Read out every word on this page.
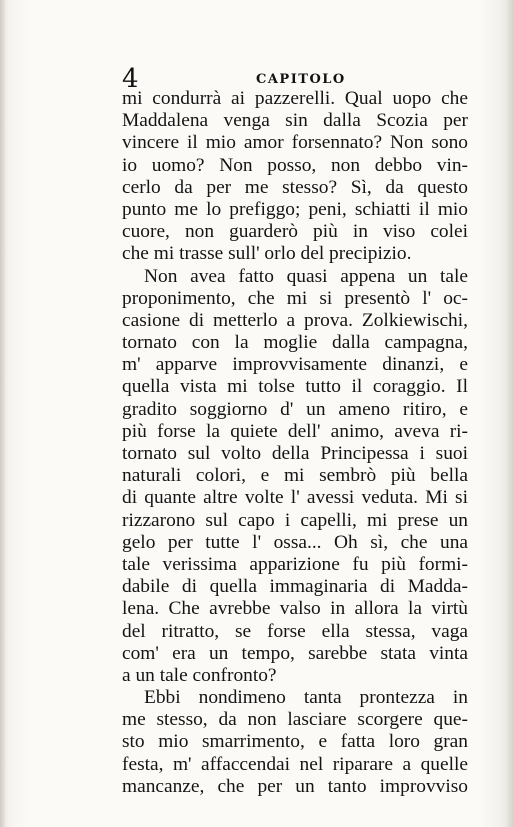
4	CAPITOLO
mi condurrà ai pazzerelli. Qual uopo che
Maddalena venga sin dalla Scozia per
vincere il mio amor forsennato? Non sono
io uomo? Non posso, non debbo vin-
cerlo da per me stesso? Sì, da questo
punto me lo prefiggo; peni, schiatti il mio
cuore, non guarderò più in viso colei
che mi trasse sull' orlo del precipizio.
Non avea fatto quasi appena un tale
proponimento, che mi si presentò l' oc-
casione di metterlo a prova. Zolkiewischi,
tornato con la moglie dalla campagna,
m' apparve improvvisamente dinanzi, e
quella vista mi tolse tutto il coraggio. Il
gradito soggiorno d' un ameno ritiro, e
più forse la quiete dell' animo, aveva ri-
tornato sul volto della Principessa i suoi
naturali colori, e mi sembrò più bella
di quante altre volte l' avessi veduta. Mi si
rizzarono sul capo i capelli, mi prese un
gelo per tutte l' ossa... Oh sì, che una
tale verissima apparizione fu più formi-
dabile di quella immaginaria di Madda-
lena. Che avrebbe valso in allora la virtù
del ritratto, se forse ella stessa, vaga
com' era un tempo, sarebbe stata vinta
a un tale confronto?
Ebbi nondimeno tanta prontezza in
me stesso, da non lasciare scorgere que-
sto mio smarrimento, e fatta loro gran
festa, m' affaccendai nel riparare a quelle
mancanze, che per un tanto improvviso
